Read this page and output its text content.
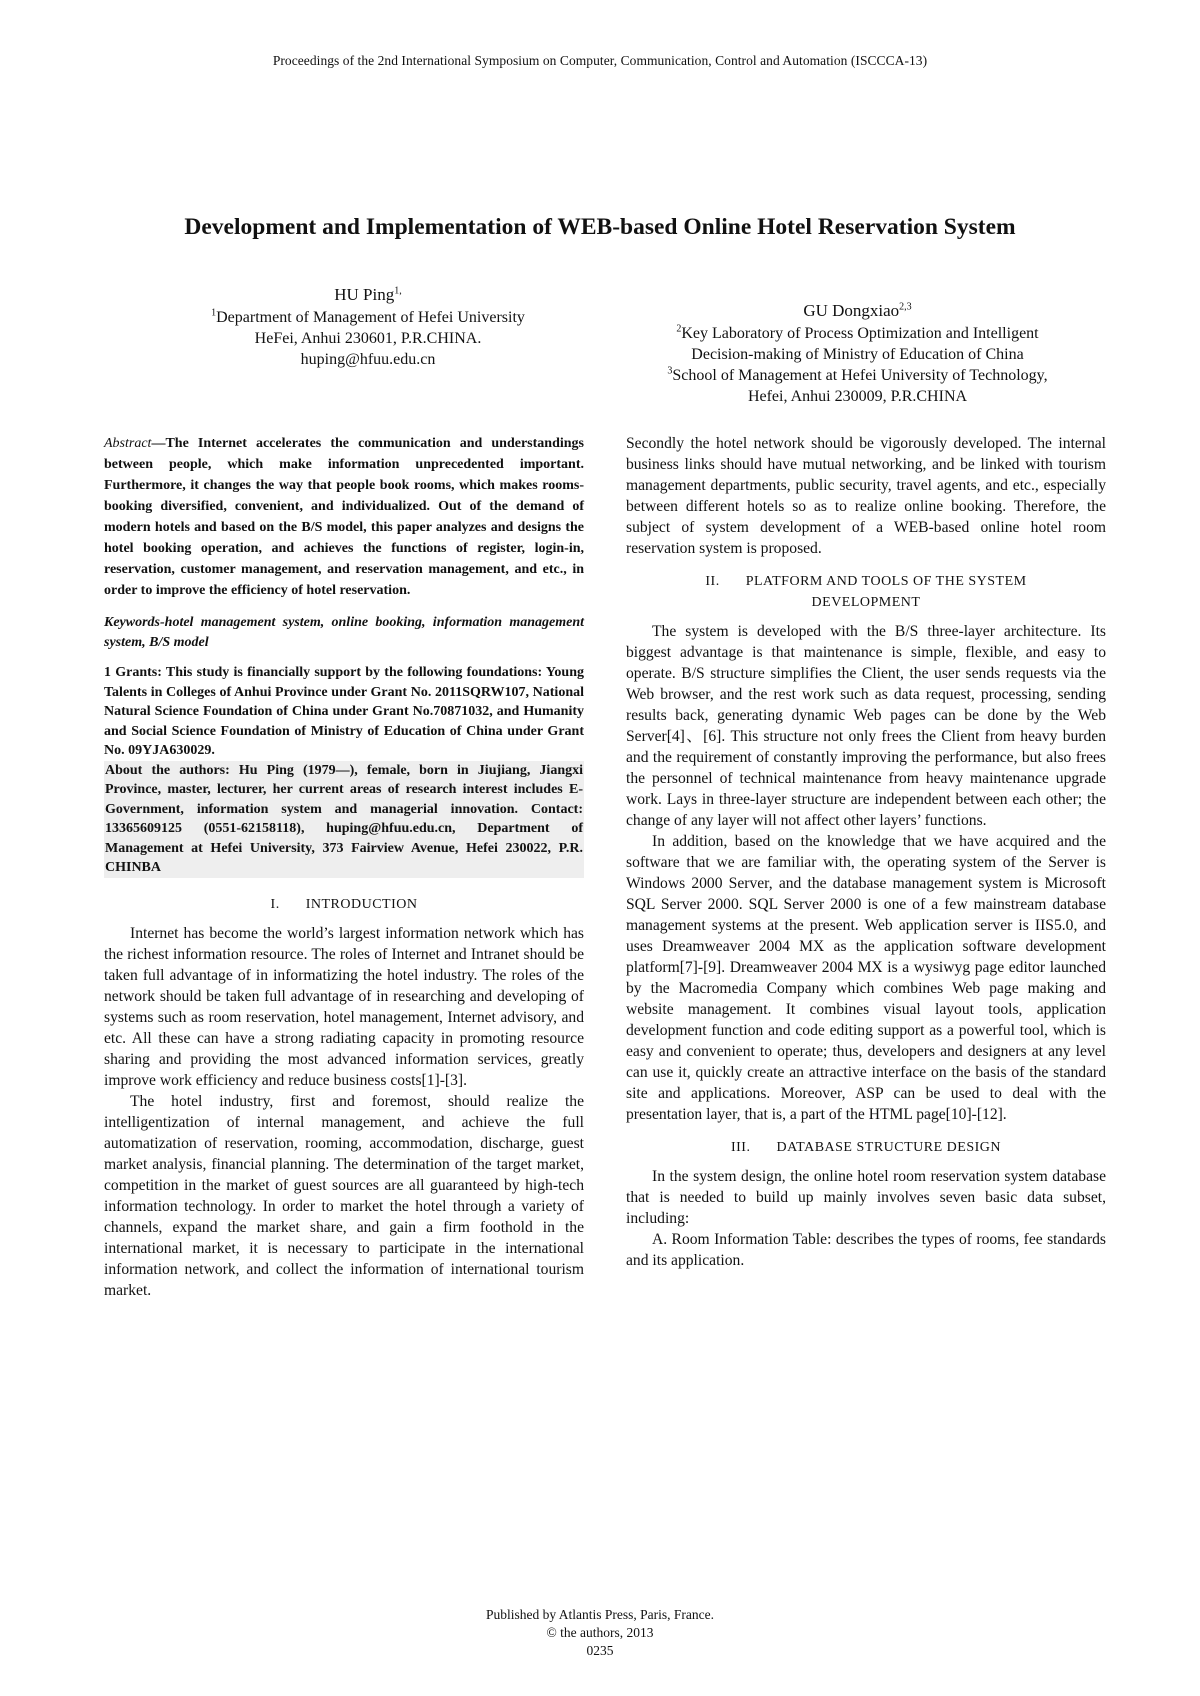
Proceedings of the 2nd International Symposium on Computer, Communication, Control and Automation (ISCCCA-13)
Development and Implementation of WEB-based Online Hotel Reservation System
HU Ping$^{1,}$
$^1$Department of Management of Hefei University
HeFei, Anhui 230601, P.R.CHINA.
huping@hfuu.edu.cn
GU Dongxiao$^{2,3}$
$^2$Key Laboratory of Process Optimization and Intelligent
Decision-making of Ministry of Education of China
$^3$School of Management at Hefei University of Technology,
Hefei, Anhui 230009, P.R.CHINA

Abstract—The Internet accelerates the communication and understandings between people, which make information unprecedented important. Furthermore, it changes the way that people book rooms, which makes rooms-booking diversified, convenient, and individualized. Out of the demand of modern hotels and based on the B/S model, this paper analyzes and designs the hotel booking operation, and achieves the functions of register, login-in, reservation, customer management, and reservation management, and etc., in order to improve the efficiency of hotel reservation.

Keywords-hotel management system, online booking, information management system, B/S model

1 Grants: This study is financially support by the following foundations: Young Talents in Colleges of Anhui Province under Grant No. 2011SQRW107, National Natural Science Foundation of China under Grant No.70871032, and Humanity and Social Science Foundation of Ministry of Education of China under Grant No. 09YJA630029.

About the authors: Hu Ping (1979—), female, born in Jiujiang, Jiangxi Province, master, lecturer, her current areas of research interest includes E-Government, information system and managerial innovation. Contact: 13365609125 (0551-62158118), huping@hfuu.edu.cn, Department of Management at Hefei University, 373 Fairview Avenue, Hefei 230022, P.R. CHINBA

I. INTRODUCTION

Internet has become the world’s largest information network which has the richest information resource. The roles of Internet and Intranet should be taken full advantage of in informatizing the hotel industry. The roles of the network should be taken full advantage of in researching and developing of systems such as room reservation, hotel management, Internet advisory, and etc. All these can have a strong radiating capacity in promoting resource sharing and providing the most advanced information services, greatly improve work efficiency and reduce business costs[1]-[3].

The hotel industry, first and foremost, should realize the intelligentization of internal management, and achieve the full automatization of reservation, rooming, accommodation, discharge, guest market analysis, financial planning. The determination of the target market, competition in the market of guest sources are all guaranteed by high-tech information technology. In order to market the hotel through a variety of channels, expand the market share, and gain a firm foothold in the international market, it is necessary to participate in the international information network, and collect the information of international tourism market.

Secondly the hotel network should be vigorously developed. The internal business links should have mutual networking, and be linked with tourism management departments, public security, travel agents, and etc., especially between different hotels so as to realize online booking. Therefore, the subject of system development of a WEB-based online hotel room reservation system is proposed.

II. PLATFORM AND TOOLS OF THE SYSTEM
DEVELOPMENT

The system is developed with the B/S three-layer architecture. Its biggest advantage is that maintenance is simple, flexible, and easy to operate. B/S structure simplifies the Client, the user sends requests via the Web browser, and the rest work such as data request, processing, sending results back, generating dynamic Web pages can be done by the Web Server[4]、[6]. This structure not only frees the Client from heavy burden and the requirement of constantly improving the performance, but also frees the personnel of technical maintenance from heavy maintenance upgrade work. Lays in three-layer structure are independent between each other; the change of any layer will not affect other layers’ functions.

In addition, based on the knowledge that we have acquired and the software that we are familiar with, the operating system of the Server is Windows 2000 Server, and the database management system is Microsoft SQL Server 2000. SQL Server 2000 is one of a few mainstream database management systems at the present. Web application server is IIS5.0, and uses Dreamweaver 2004 MX as the application software development platform[7]-[9]. Dreamweaver 2004 MX is a wysiwyg page editor launched by the Macromedia Company which combines Web page making and website management. It combines visual layout tools, application development function and code editing support as a powerful tool, which is easy and convenient to operate; thus, developers and designers at any level can use it, quickly create an attractive interface on the basis of the standard site and applications. Moreover, ASP can be used to deal with the presentation layer, that is, a part of the HTML page[10]-[12].

III. DATABASE STRUCTURE DESIGN

In the system design, the online hotel room reservation system database that is needed to build up mainly involves seven basic data subset, including:

A. Room Information Table: describes the types of rooms, fee standards and its application.

Published by Atlantis Press, Paris, France.
© the authors, 2013
0235
